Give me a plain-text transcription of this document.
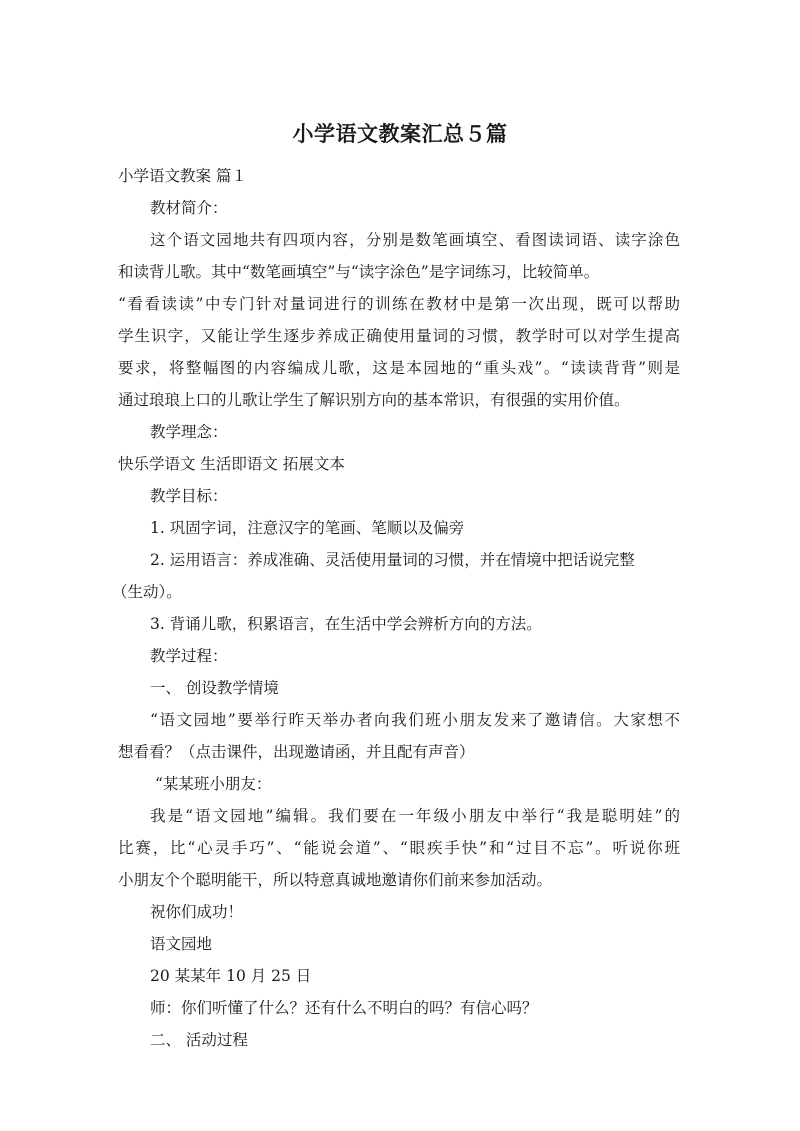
小学语文教案汇总５篇
小学语文教案 篇１
教材简介：
这个语文园地共有四项内容，分别是数笔画填空、看图读词语、读字涂色
和读背儿歌。其中“数笔画填空”与“读字涂色”是字词练习，比较简单。
“看看读读”中专门针对量词进行的训练在教材中是第一次出现，既可以帮助
学生识字，又能让学生逐步养成正确使用量词的习惯，教学时可以对学生提高
要求，将整幅图的内容编成儿歌，这是本园地的“重头戏”。“读读背背”则是
通过琅琅上口的儿歌让学生了解识别方向的基本常识，有很强的实用价值。
教学理念：
快乐学语文 生活即语文 拓展文本
教学目标：
1. 巩固字词，注意汉字的笔画、笔顺以及偏旁
2. 运用语言：养成准确、灵活使用量词的习惯，并在情境中把话说完整
（生动）。
3. 背诵儿歌，积累语言，在生活中学会辨析方向的方法。
教学过程：
一、 创设教学情境
“语文园地”要举行昨天举办者向我们班小朋友发来了邀请信。大家想不
想看看？（点击课件，出现邀请函，并且配有声音）
“某某班小朋友：
我是“语文园地”编辑。我们要在一年级小朋友中举行“我是聪明娃”的
比赛，比“心灵手巧”、“能说会道”、“眼疾手快”和“过目不忘”。听说你班
小朋友个个聪明能干，所以特意真诚地邀请你们前来参加活动。
祝你们成功！
语文园地
20 某某年 10 月 25 日
师：你们听懂了什么？还有什么不明白的吗？有信心吗？
二、 活动过程
